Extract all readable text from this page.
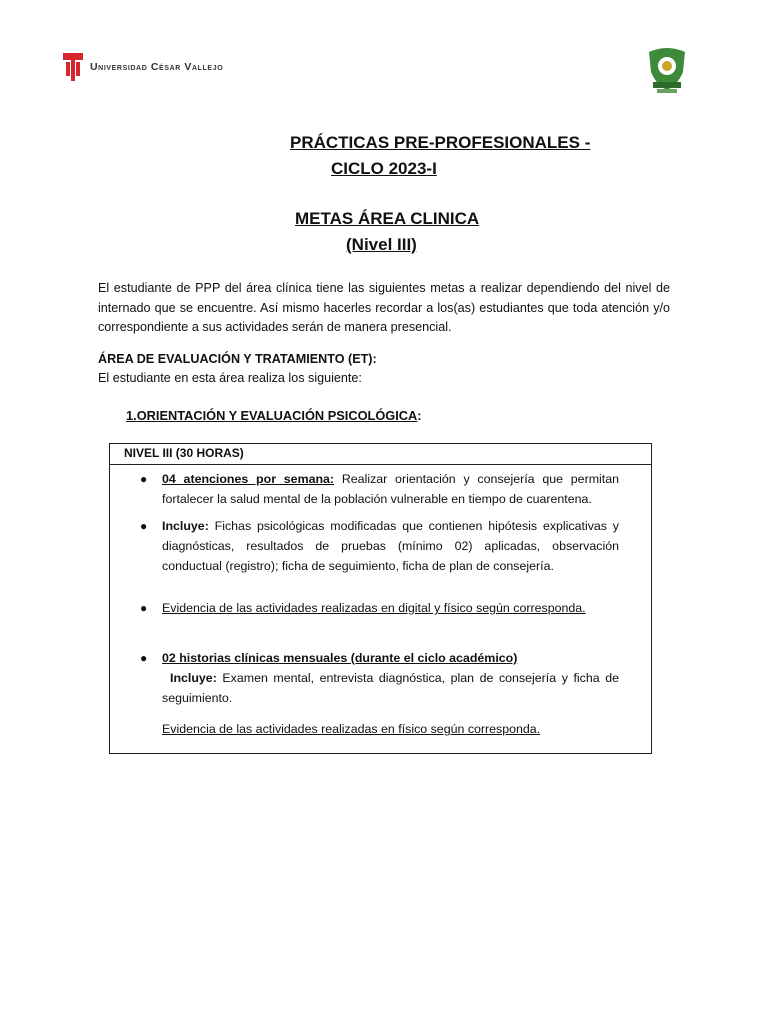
Universidad César Vallejo
PRÁCTICAS PRE-PROFESIONALES -
CICLO 2023-I
METAS ÁREA CLINICA
(Nivel III)
El estudiante de PPP del área clínica tiene las siguientes metas a realizar dependiendo del nivel de internado que se encuentre. Así mismo hacerles recordar a los(as) estudiantes que toda atención y/o correspondiente a sus actividades serán de manera presencial.
ÁREA DE EVALUACIÓN Y TRATAMIENTO (ET):
El estudiante en esta área realiza los siguiente:
1.ORIENTACIÓN Y EVALUACIÓN PSICOLÓGICA:
NIVEL III (30 HORAS)
● 04 atenciones por semana: Realizar orientación y consejería que permitan fortalecer la salud mental de la población vulnerable en tiempo de cuarentena.
● Incluye: Fichas psicológicas modificadas que contienen hipótesis explicativas y diagnósticas, resultados de pruebas (mínimo 02) aplicadas, observación conductual (registro); ficha de seguimiento, ficha de plan de consejería.
● Evidencia de las actividades realizadas en digital y físico según corresponda.
● 02 historias clínicas mensuales (durante el ciclo académico)
Incluye: Examen mental, entrevista diagnóstica, plan de consejería y ficha de seguimiento.
Evidencia de las actividades realizadas en físico según corresponda.
